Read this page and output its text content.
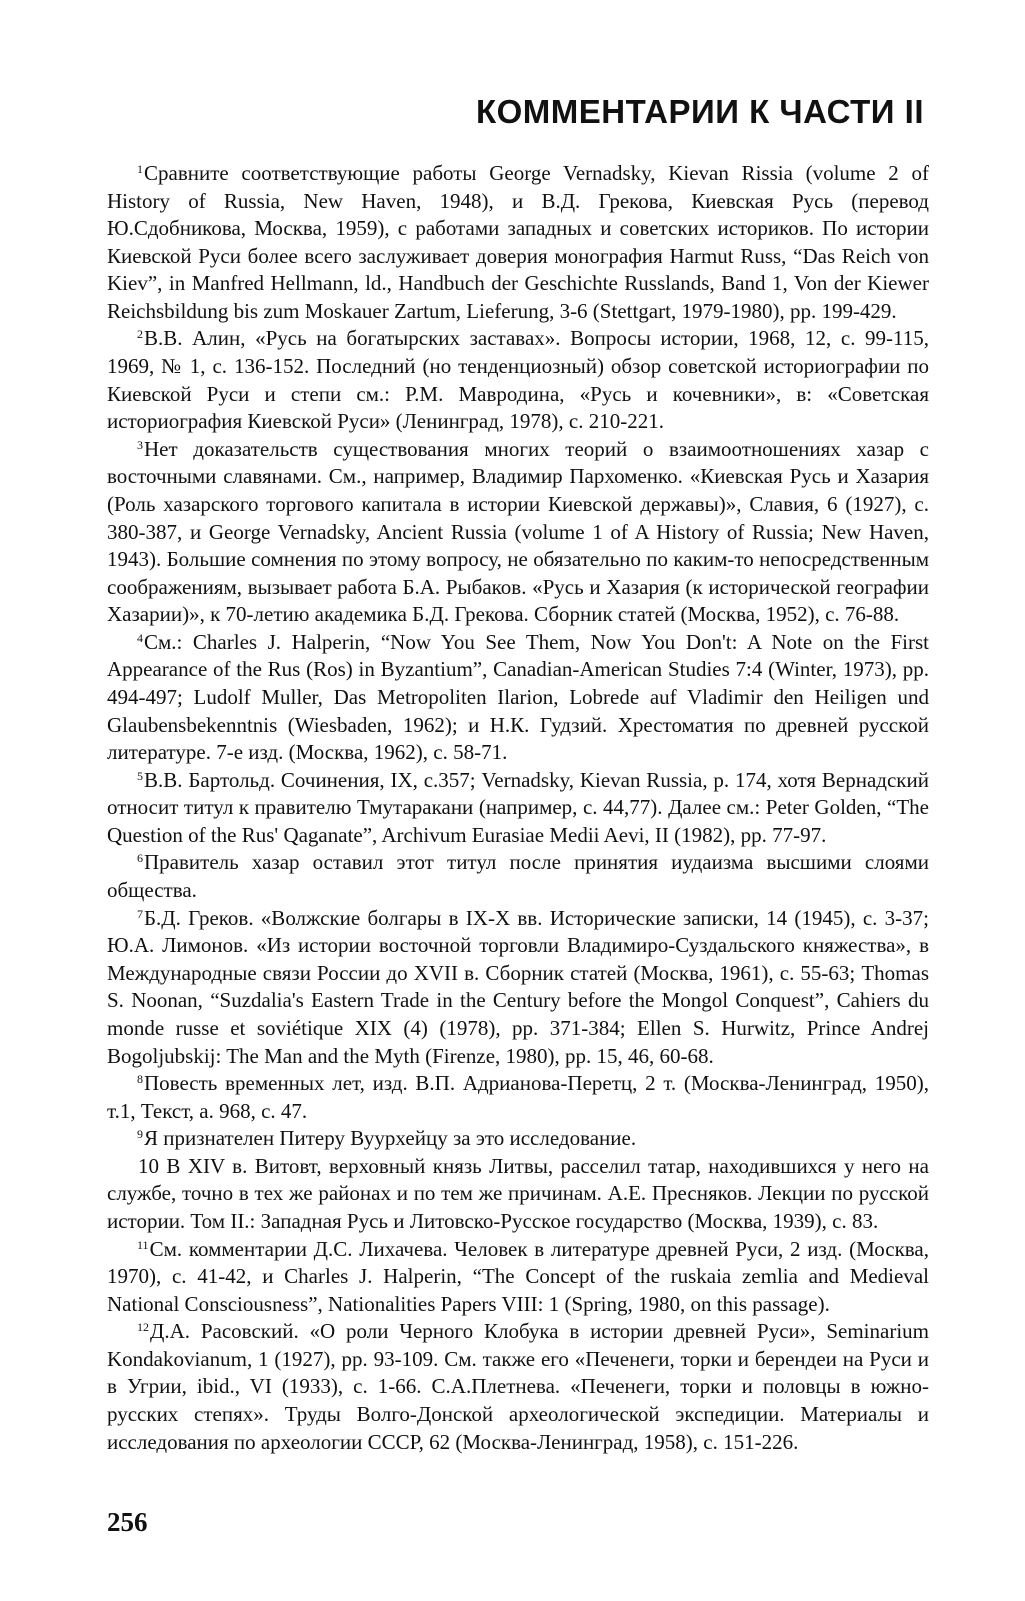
КОММЕНТАРИИ К ЧАСТИ II

$^1$Сравните соответствующие работы George Vernadsky, Kievan Rissia (volume 2 of History of Russia, New Haven, 1948), и В.Д. Грекова, Киевская Русь (перевод Ю.Сдобникова, Москва, 1959), с работами западных и советских историков. По истории Киевской Руси более всего заслуживает доверия монография Harmut Russ, “Das Reich von Kiev”, in Manfred Hellmann, ld., Handbuch der Geschichte Russlands, Band 1, Von der Kiewer Reichsbildung bis zum Moskauer Zartum, Lieferung, 3-6 (Stettgart, 1979-1980), pp. 199-429.

$^2$В.В. Алин, «Русь на богатырских заставах». Вопросы истории, 1968, 12, с. 99-115, 1969, № 1, с. 136-152. Последний (но тенденциозный) обзор советской историографии по Киевской Руси и степи см.: Р.М. Мавродина, «Русь и кочевники», в: «Советская историография Киевской Руси» (Ленинград, 1978), с. 210-221.

$^3$Нет доказательств существования многих теорий о взаимоотношениях хазар с восточными славянами. См., например, Владимир Пархоменко. «Киевская Русь и Хазария (Роль хазарского торгового капитала в истории Киевской державы)», Славия, 6 (1927), с. 380-387, и George Vernadsky, Ancient Russia (volume 1 of A History of Russia; New Haven, 1943). Большие сомнения по этому вопросу, не обязательно по каким-то непосредственным соображениям, вызывает работа Б.А. Рыбаков. «Русь и Хазария (к исторической географии Хазарии)», к 70-летию академика Б.Д. Грекова. Сборник статей (Москва, 1952), с. 76-88.

$^4$См.: Charles J. Halperin, “Now You See Them, Now You Don't: A Note on the First Appearance of the Rus (Ros) in Byzantium”, Canadian-American Studies 7:4 (Winter, 1973), pp. 494-497; Ludolf Muller, Das Metropoliten Ilarion, Lobrede auf Vladimir den Heiligen und Glaubensbekenntnis (Wiesbaden, 1962); и Н.К. Гудзий. Хрестоматия по древней русской литературе. 7-е изд. (Москва, 1962), с. 58-71.

$^5$В.В. Бартольд. Сочинения, IX, с.357; Vernadsky, Kievan Russia, p. 174, хотя Вернадский относит титул к правителю Тмутаракани (например, с. 44,77). Далее см.: Peter Golden, “The Question of the Rus' Qaganate”, Archivum Eurasiae Medii Aevi, II (1982), pp. 77-97.

$^6$Правитель хазар оставил этот титул после принятия иудаизма высшими слоями общества.

$^7$Б.Д. Греков. «Волжские болгары в IX-X вв. Исторические записки, 14 (1945), с. 3-37; Ю.А. Лимонов. «Из истории восточной торговли Владимиро-Суздальского княжества», в Международные связи России до XVII в. Сборник статей (Москва, 1961), с. 55-63; Thomas S. Noonan, “Suzdalia's Eastern Trade in the Century before the Mongol Conquest”, Cahiers du monde russe et soviétique XIX (4) (1978), pp. 371-384; Ellen S. Hurwitz, Prince Andrej Bogoljubskij: The Man and the Myth (Firenze, 1980), pp. 15, 46, 60-68.

$^8$Повесть временных лет, изд. В.П. Адрианова-Перетц, 2 т. (Москва-Ленинград, 1950), т.1, Текст, а. 968, с. 47.

$^9$Я признателен Питеру Вуурхейцу за это исследование.

10 В XIV в. Витовт, верховный князь Литвы, расселил татар, находившихся у него на службе, точно в тех же районах и по тем же причинам. А.Е. Пресняков. Лекции по русской истории. Том II.: Западная Русь и Литовско-Русское государство (Москва, 1939), с. 83.

$^{11}$См. комментарии Д.С. Лихачева. Человек в литературе древней Руси, 2 изд. (Москва, 1970), с. 41-42, и Charles J. Halperin, “The Concept of the ruskaia zemlia and Medieval National Consciousness”, Nationalities Papers VIII: 1 (Spring, 1980, on this passage).

$^{12}$Д.А. Расовский. «О роли Черного Клобука в истории древней Руси», Seminarium Kondakovianum, 1 (1927), pp. 93-109. См. также его «Печенеги, торки и берендеи на Руси и в Угрии, ibid., VI (1933), с. 1-66. С.А.Плетнева. «Печенеги, торки и половцы в южно-русских степях». Труды Волго-Донской археологической экспедиции. Материалы и исследования по археологии СССР, 62 (Москва-Ленинград, 1958), с. 151-226.

256
